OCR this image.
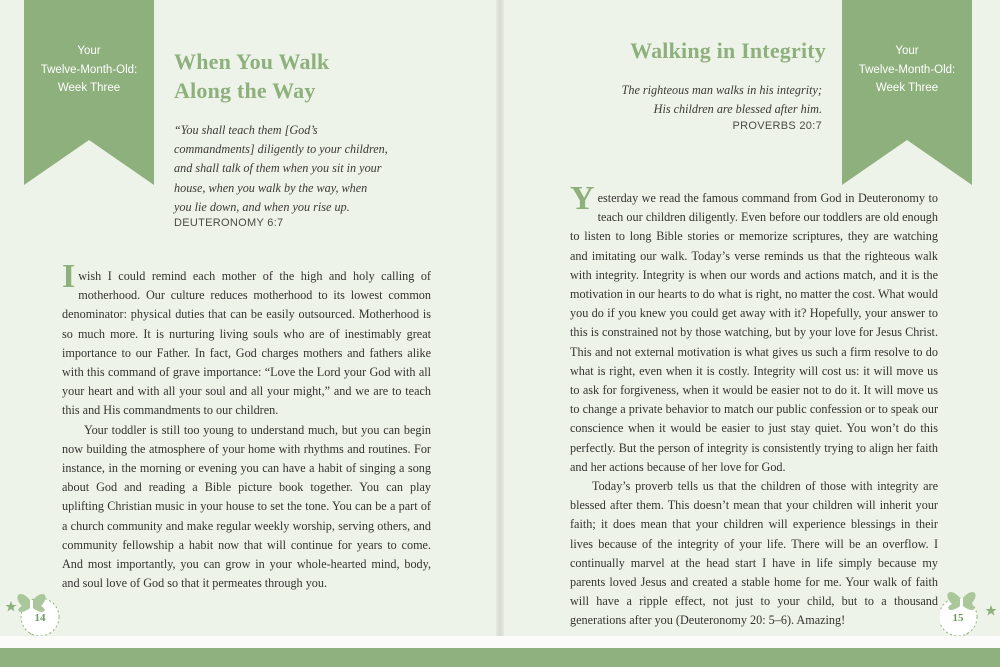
Your
Twelve-Month-Old:
Week Three
When You Walk
Along the Way
“You shall teach them [God’s
commandments] diligently to your children,
and shall talk of them when you sit in your
house, when you walk by the way, when
you lie down, and when you rise up.
DEUTERONOMY 6:7

I wish I could remind each mother of the high and holy calling of motherhood. Our culture reduces motherhood to its lowest common denominator: physical duties that can be easily outsourced. Motherhood is so much more. It is nurturing living souls who are of inestimably great importance to our Father. In fact, God charges mothers and fathers alike with this command of grave importance: “Love the Lord your God with all your heart and with all your soul and all your might,” and we are to teach this and His commandments to our children.

Your toddler is still too young to understand much, but you can begin now building the atmosphere of your home with rhythms and routines. For instance, in the morning or evening you can have a habit of singing a song about God and reading a Bible picture book together. You can play uplifting Christian music in your house to set the tone. You can be a part of a church community and make regular weekly worship, serving others, and community fellowship a habit now that will continue for years to come. And most importantly, you can grow in your whole-hearted mind, body, and soul love of God so that it permeates through you.

14
Your
Twelve-Month-Old:
Week Three
Walking in Integrity
The righteous man walks in his integrity;
His children are blessed after him.
PROVERBS 20:7

Yesterday we read the famous command from God in Deuteronomy to teach our children diligently. Even before our toddlers are old enough to listen to long Bible stories or memorize scriptures, they are watching and imitating our walk. Today’s verse reminds us that the righteous walk with integrity. Integrity is when our words and actions match, and it is the motivation in our hearts to do what is right, no matter the cost. What would you do if you knew you could get away with it? Hopefully, your answer to this is constrained not by those watching, but by your love for Jesus Christ. This and not external motivation is what gives us such a firm resolve to do what is right, even when it is costly. Integrity will cost us: it will move us to ask for forgiveness, when it would be easier not to do it. It will move us to change a private behavior to match our public confession or to speak our conscience when it would be easier to just stay quiet. You won’t do this perfectly. But the person of integrity is consistently trying to align her faith and her actions because of her love for God.

Today’s proverb tells us that the children of those with integrity are blessed after them. This doesn’t mean that your children will inherit your faith; it does mean that your children will experience blessings in their lives because of the integrity of your life. There will be an overflow. I continually marvel at the head start I have in life simply because my parents loved Jesus and created a stable home for me. Your walk of faith will have a ripple effect, not just to your child, but to a thousand generations after you (Deuteronomy 20: 5–6). Amazing!	15
